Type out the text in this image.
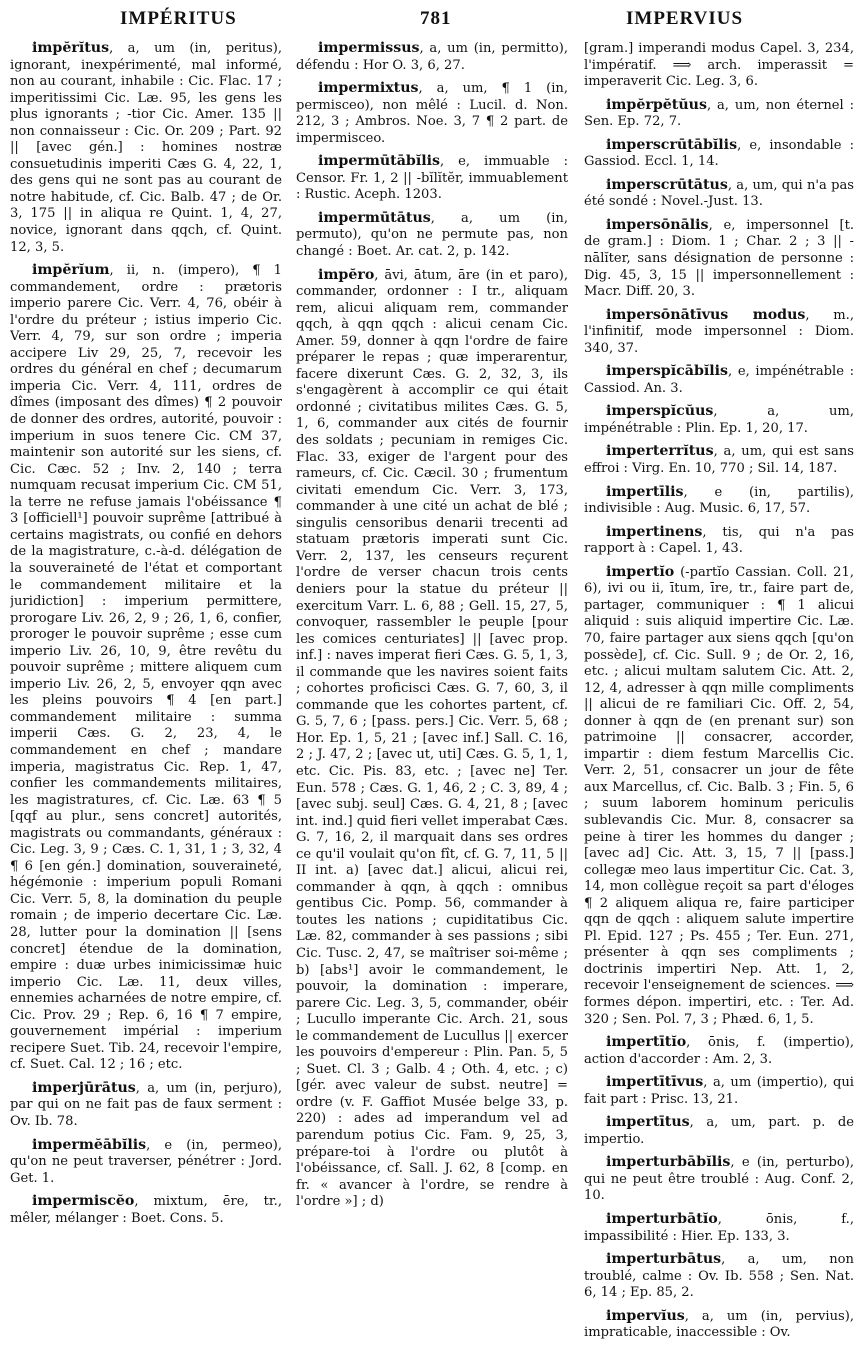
IMPÉRITUS	781	IMPERVIUS

impĕrĭtus, a, um (in, peritus), ignorant, inexpérimenté, mal informé, non au courant, inhabile : Cic. Flac. 17 ; imperitissimi Cic. Læ. 95, les gens les plus ignorants ; -tior Cic. Amer. 135 || non connaisseur : Cic. Or. 209 ; Part. 92 || [avec gén.] : homines nostræ consuetudinis imperiti Cæs G. 4, 22, 1, des gens qui ne sont pas au courant de notre habitude, cf. Cic. Balb. 47 ; de Or. 3, 175 || in aliqua re Quint. 1, 4, 27, novice, ignorant dans qqch, cf. Quint. 12, 3, 5.

impĕrĭum, ii, n. (impero), ¶ 1 commandement, ordre : prætoris imperio parere Cic. Verr. 4, 76, obéir à l'ordre du préteur ; istius imperio Cic. Verr. 4, 79, sur son ordre ; imperia accipere Liv 29, 25, 7, recevoir les ordres du général en chef ; decumarum imperia Cic. Verr. 4, 111, ordres de dîmes (imposant des dîmes) ¶ 2 pouvoir de donner des ordres, autorité, pouvoir : imperium in suos tenere Cic. CM 37, maintenir son autorité sur les siens, cf. Cic. Cæc. 52 ; Inv. 2, 140 ; terra numquam recusat imperium Cic. CM 51, la terre ne refuse jamais l'obéissance ¶ 3 [officiell¹] pouvoir suprême [attribué à certains magistrats, ou confié en dehors de la magistrature, c.-à-d. délégation de la souveraineté de l'état et comportant le commandement militaire et la juridiction] : imperium permittere, prorogare Liv. 26, 2, 9 ; 26, 1, 6, confier, proroger le pouvoir suprême ; esse cum imperio Liv. 26, 10, 9, être revêtu du pouvoir suprême ; mittere aliquem cum imperio Liv. 26, 2, 5, envoyer qqn avec les pleins pouvoirs ¶ 4 [en part.] commandement militaire : summa imperii Cæs. G. 2, 23, 4, le commandement en chef ; mandare imperia, magistratus Cic. Rep. 1, 47, confier les commandements militaires, les magistratures, cf. Cic. Læ. 63 ¶ 5 [qqf au plur., sens concret] autorités, magistrats ou commandants, généraux : Cic. Leg. 3, 9 ; Cæs. C. 1, 31, 1 ; 3, 32, 4 ¶ 6 [en gén.] domination, souveraineté, hégémonie : imperium populi Romani Cic. Verr. 5, 8, la domination du peuple romain ; de imperio decertare Cic. Læ. 28, lutter pour la domination || [sens concret] étendue de la domination, empire : duæ urbes inimicissimæ huic imperio Cic. Læ. 11, deux villes, ennemies acharnées de notre empire, cf. Cic. Prov. 29 ; Rep. 6, 16 ¶ 7 empire, gouvernement impérial : imperium recipere Suet. Tib. 24, recevoir l'empire, cf. Suet. Cal. 12 ; 16 ; etc.

imperjūrātus, a, um (in, perjuro), par qui on ne fait pas de faux serment : Ov. Ib. 78.

impermĕābĭlis, e (in, permeo), qu'on ne peut traverser, pénétrer : Jord. Get. 1.

impermiscĕo, mixtum, ēre, tr., mêler, mélanger : Boet. Cons. 5.

impermissus, a, um (in, permitto), défendu : Hor O. 3, 6, 27.

impermixtus, a, um, ¶ 1 (in, permisceo), non mêlé : Lucil. d. Non. 212, 3 ; Ambros. Noe. 3, 7 ¶ 2 part. de impermisceo.

impermūtābĭlis, e, immuable : Censor. Fr. 1, 2 || -bĭlĭtĕr, immuablement : Rustic. Aceph. 1203.

impermūtātus, a, um (in, permuto), qu'on ne permute pas, non changé : Boet. Ar. cat. 2, p. 142.

impĕro, āvi, ātum, āre (in et paro), commander, ordonner : I tr., aliquam rem, alicui aliquam rem, commander qqch, à qqn qqch : alicui cenam Cic. Amer. 59, donner à qqn l'ordre de faire préparer le repas ; quæ imperarentur, facere dixerunt Cæs. G. 2, 32, 3, ils s'engagèrent à accomplir ce qui était ordonné ; civitatibus milites Cæs. G. 5, 1, 6, commander aux cités de fournir des soldats ; pecuniam in remiges Cic. Flac. 33, exiger de l'argent pour des rameurs, cf. Cic. Cæcil. 30 ; frumentum civitati emendum Cic. Verr. 3, 173, commander à une cité un achat de blé ; singulis censoribus denarii trecenti ad statuam prætoris imperati sunt Cic. Verr. 2, 137, les censeurs reçurent l'ordre de verser chacun trois cents deniers pour la statue du préteur || exercitum Varr. L. 6, 88 ; Gell. 15, 27, 5, convoquer, rassembler le peuple [pour les comices centuriates] || [avec prop. inf.] : naves imperat fieri Cæs. G. 5, 1, 3, il commande que les navires soient faits ; cohortes proficisci Cæs. G. 7, 60, 3, il commande que les cohortes partent, cf. G. 5, 7, 6 ; [pass. pers.] Cic. Verr. 5, 68 ; Hor. Ep. 1, 5, 21 ; [avec inf.] Sall. C. 16, 2 ; J. 47, 2 ; [avec ut, uti] Cæs. G. 5, 1, 1, etc. Cic. Pis. 83, etc. ; [avec ne] Ter. Eun. 578 ; Cæs. G. 1, 46, 2 ; C. 3, 89, 4 ; [avec subj. seul] Cæs. G. 4, 21, 8 ; [avec int. ind.] quid fieri vellet imperabat Cæs. G. 7, 16, 2, il marquait dans ses ordres ce qu'il voulait qu'on fît, cf. G. 7, 11, 5 || II int. a) [avec dat.] alicui, alicui rei, commander à qqn, à qqch : omnibus gentibus Cic. Pomp. 56, commander à toutes les nations ; cupiditatibus Cic. Læ. 82, commander à ses passions ; sibi Cic. Tusc. 2, 47, se maîtriser soi-même ; b) [abs¹] avoir le commandement, le pouvoir, la domination : imperare, parere Cic. Leg. 3, 5, commander, obéir ; Lucullo imperante Cic. Arch. 21, sous le commandement de Lucullus || exercer les pouvoirs d'empereur : Plin. Pan. 5, 5 ; Suet. Cl. 3 ; Galb. 4 ; Oth. 4, etc. ; c) [gér. avec valeur de subst. neutre] = ordre (v. F. Gaffiot Musée belge 33, p. 220) : ades ad imperandum vel ad parendum potius Cic. Fam. 9, 25, 3, prépare-toi à l'ordre ou plutôt à l'obéissance, cf. Sall. J. 62, 8 [comp. en fr. « avancer à l'ordre, se rendre à l'ordre »] ; d)

[gram.] imperandi modus Capel. 3, 234, l'impératif. ⟹ arch. imperassit = imperaverit Cic. Leg. 3, 6.

impĕrpĕtŭus, a, um, non éternel : Sen. Ep. 72, 7.

imperscrūtābĭlis, e, insondable : Gassiod. Eccl. 1, 14.

imperscrūtātus, a, um, qui n'a pas été sondé : Novel.-Just. 13.

impersōnālis, e, impersonnel [t. de gram.] : Diom. 1 ; Char. 2 ; 3 || -nālĭter, sans désignation de personne : Dig. 45, 3, 15 || impersonnellement : Macr. Diff. 20, 3.

impersōnātīvus modus, m., l'infinitif, mode impersonnel : Diom. 340, 37.

imperspĭcābĭlis, e, impénétrable : Cassiod. An. 3.

imperspĭcŭus, a, um, impénétrable : Plin. Ep. 1, 20, 17.

imperterrĭtus, a, um, qui est sans effroi : Virg. En. 10, 770 ; Sil. 14, 187.

impertīlis, e (in, partilis), indivisible : Aug. Music. 6, 17, 57.

impertinens, tis, qui n'a pas rapport à : Capel. 1, 43.

impertĭo (-partĭo Cassian. Coll. 21, 6), ivi ou ii, ītum, īre, tr., faire part de, partager, communiquer : ¶ 1 alicui aliquid : suis aliquid impertire Cic. Læ. 70, faire partager aux siens qqch [qu'on possède], cf. Cic. Sull. 9 ; de Or. 2, 16, etc. ; alicui multam salutem Cic. Att. 2, 12, 4, adresser à qqn mille compliments || alicui de re familiari Cic. Off. 2, 54, donner à qqn de (en prenant sur) son patrimoine || consacrer, accorder, impartir : diem festum Marcellis Cic. Verr. 2, 51, consacrer un jour de fête aux Marcellus, cf. Cic. Balb. 3 ; Fin. 5, 6 ; suum laborem hominum periculis sublevandis Cic. Mur. 8, consacrer sa peine à tirer les hommes du danger ; [avec ad] Cic. Att. 3, 15, 7 || [pass.] collegæ meo laus impertitur Cic. Cat. 3, 14, mon collègue reçoit sa part d'éloges ¶ 2 aliquem aliqua re, faire participer qqn de qqch : aliquem salute impertire Pl. Epid. 127 ; Ps. 455 ; Ter. Eun. 271, présenter à qqn ses compliments ; doctrinis impertiri Nep. Att. 1, 2, recevoir l'enseignement de sciences. ⟹ formes dépon. impertiri, etc. : Ter. Ad. 320 ; Sen. Pol. 7, 3 ; Phæd. 6, 1, 5.

impertītĭo, ōnis, f. (impertio), action d'accorder : Am. 2, 3.

impertītīvus, a, um (impertio), qui fait part : Prisc. 13, 21.

impertītus, a, um, part. p. de impertio.

imperturbābĭlis, e (in, perturbo), qui ne peut être troublé : Aug. Conf. 2, 10.

imperturbātĭo, ōnis, f., impassibilité : Hier. Ep. 133, 3.

imperturbātus, a, um, non troublé, calme : Ov. Ib. 558 ; Sen. Nat. 6, 14 ; Ep. 85, 2.

impervĭus, a, um (in, pervius), impraticable, inaccessible : Ov.
